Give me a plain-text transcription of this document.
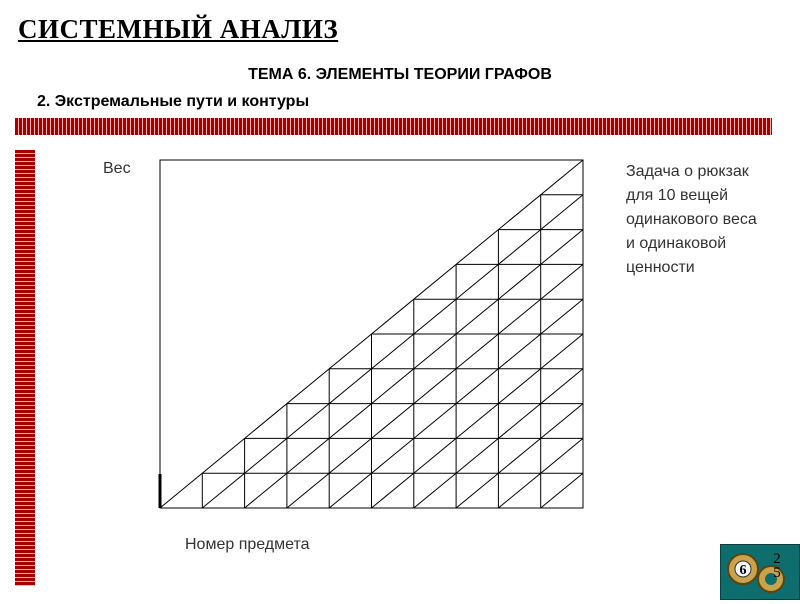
СИСТЕМНЫЙ АНАЛИЗ
ТЕМА 6. ЭЛЕМЕНТЫ ТЕОРИИ ГРАФОВ
2. Экстремальные пути и контуры
Вес
Номер предмета
Задача о рюкзак
для 10 вещей
одинакового веса
и одинаковой
ценности
6
2
5
